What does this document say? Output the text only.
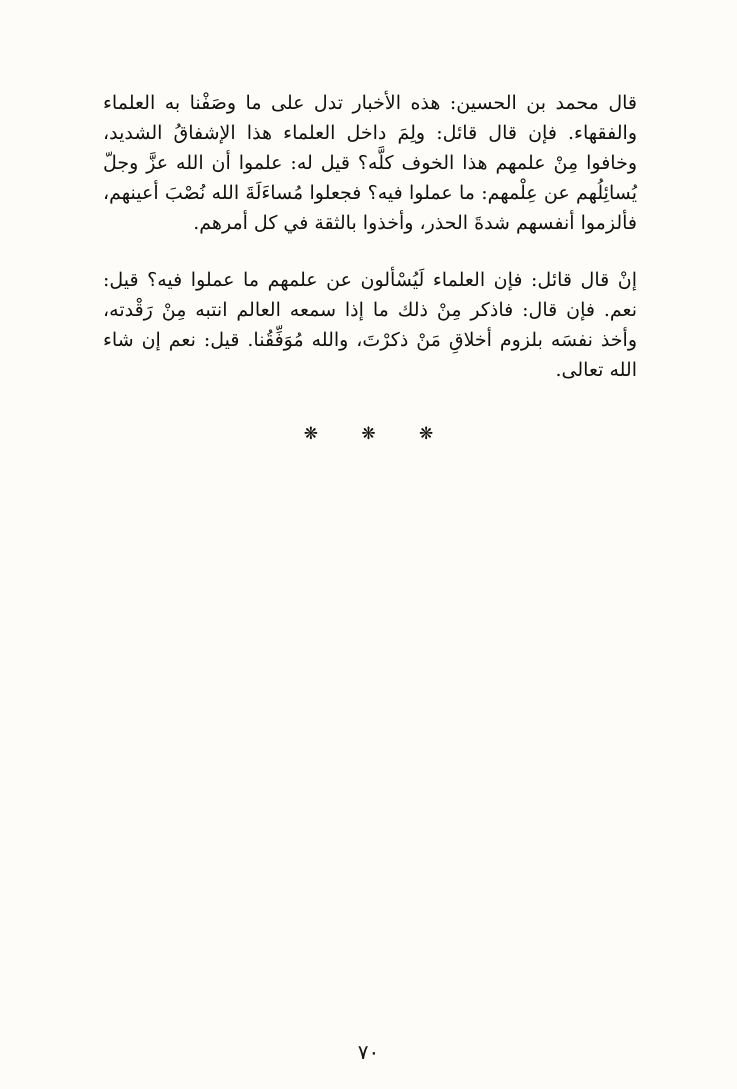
قال محمد بن الحسين: هذه الأخبار تدل على ما وصَفْنا به العلماء والفقهاء. فإن قال قائل: ولِمَ داخل العلماء هذا الإشفاقُ الشديد، وخافوا مِنْ علمهم هذا الخوف كلَّه؟ قيل له: علموا أن الله عزَّ وجلّ يُسائِلُهم عن عِلْمهم: ما عملوا فيه؟ فجعلوا مُساءَلَةَ الله نُصْبَ أعينهم، فألزموا أنفسهم شدةَ الحذر، وأخذوا بالثقة في كل أمرهم.

إنْ قال قائل: فإن العلماء لَيُسْألون عن علمهم ما عملوا فيه؟ قيل: نعم. فإن قال: فاذكر مِنْ ذلك ما إذا سمعه العالم انتبه مِنْ رَقْدته، وأخذ نفسَه بلزوم أخلاقِ مَنْ ذكرْتَ، والله مُوَفِّقُنا. قيل: نعم إن شاء الله تعالى.

❋	❋	❋
٧٠
